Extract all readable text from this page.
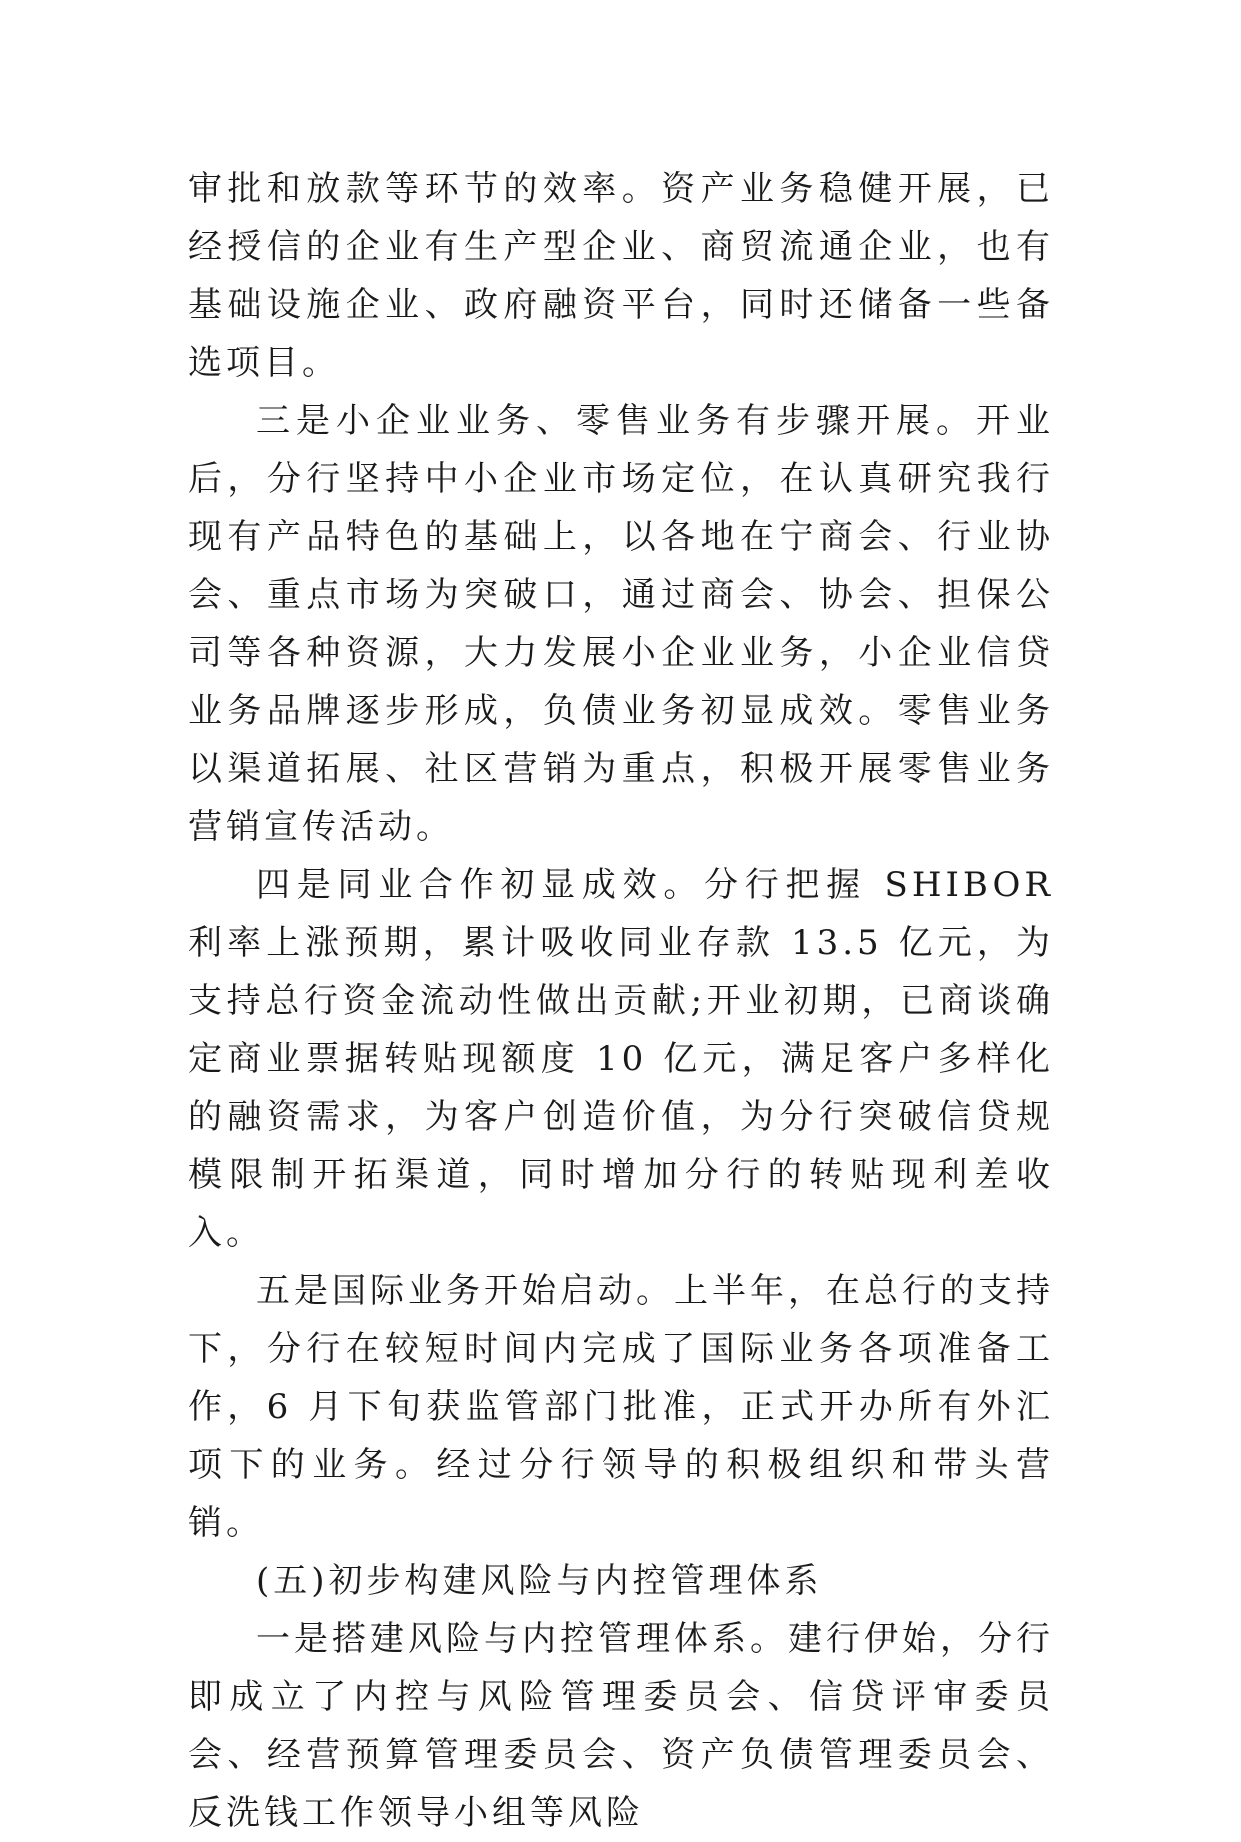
审批和放款等环节的效率。资产业务稳健开展，已经授信的企业有生产型企业、商贸流通企业，也有基础设施企业、政府融资平台，同时还储备一些备选项目。

三是小企业业务、零售业务有步骤开展。开业后，分行坚持中小企业市场定位，在认真研究我行现有产品特色的基础上，以各地在宁商会、行业协会、重点市场为突破口，通过商会、协会、担保公司等各种资源，大力发展小企业业务，小企业信贷业务品牌逐步形成，负债业务初显成效。零售业务以渠道拓展、社区营销为重点，积极开展零售业务营销宣传活动。

四是同业合作初显成效。分行把握 SHIBOR 利率上涨预期，累计吸收同业存款 13.5 亿元，为支持总行资金流动性做出贡献;开业初期，已商谈确定商业票据转贴现额度 10 亿元，满足客户多样化的融资需求，为客户创造价值，为分行突破信贷规模限制开拓渠道，同时增加分行的转贴现利差收入。

五是国际业务开始启动。上半年，在总行的支持下，分行在较短时间内完成了国际业务各项准备工作，6 月下旬获监管部门批准，正式开办所有外汇项下的业务。经过分行领导的积极组织和带头营销。

(五)初步构建风险与内控管理体系

一是搭建风险与内控管理体系。建行伊始，分行即成立了内控与风险管理委员会、信贷评审委员会、经营预算管理委员会、资产负债管理委员会、反洗钱工作领导小组等风险
